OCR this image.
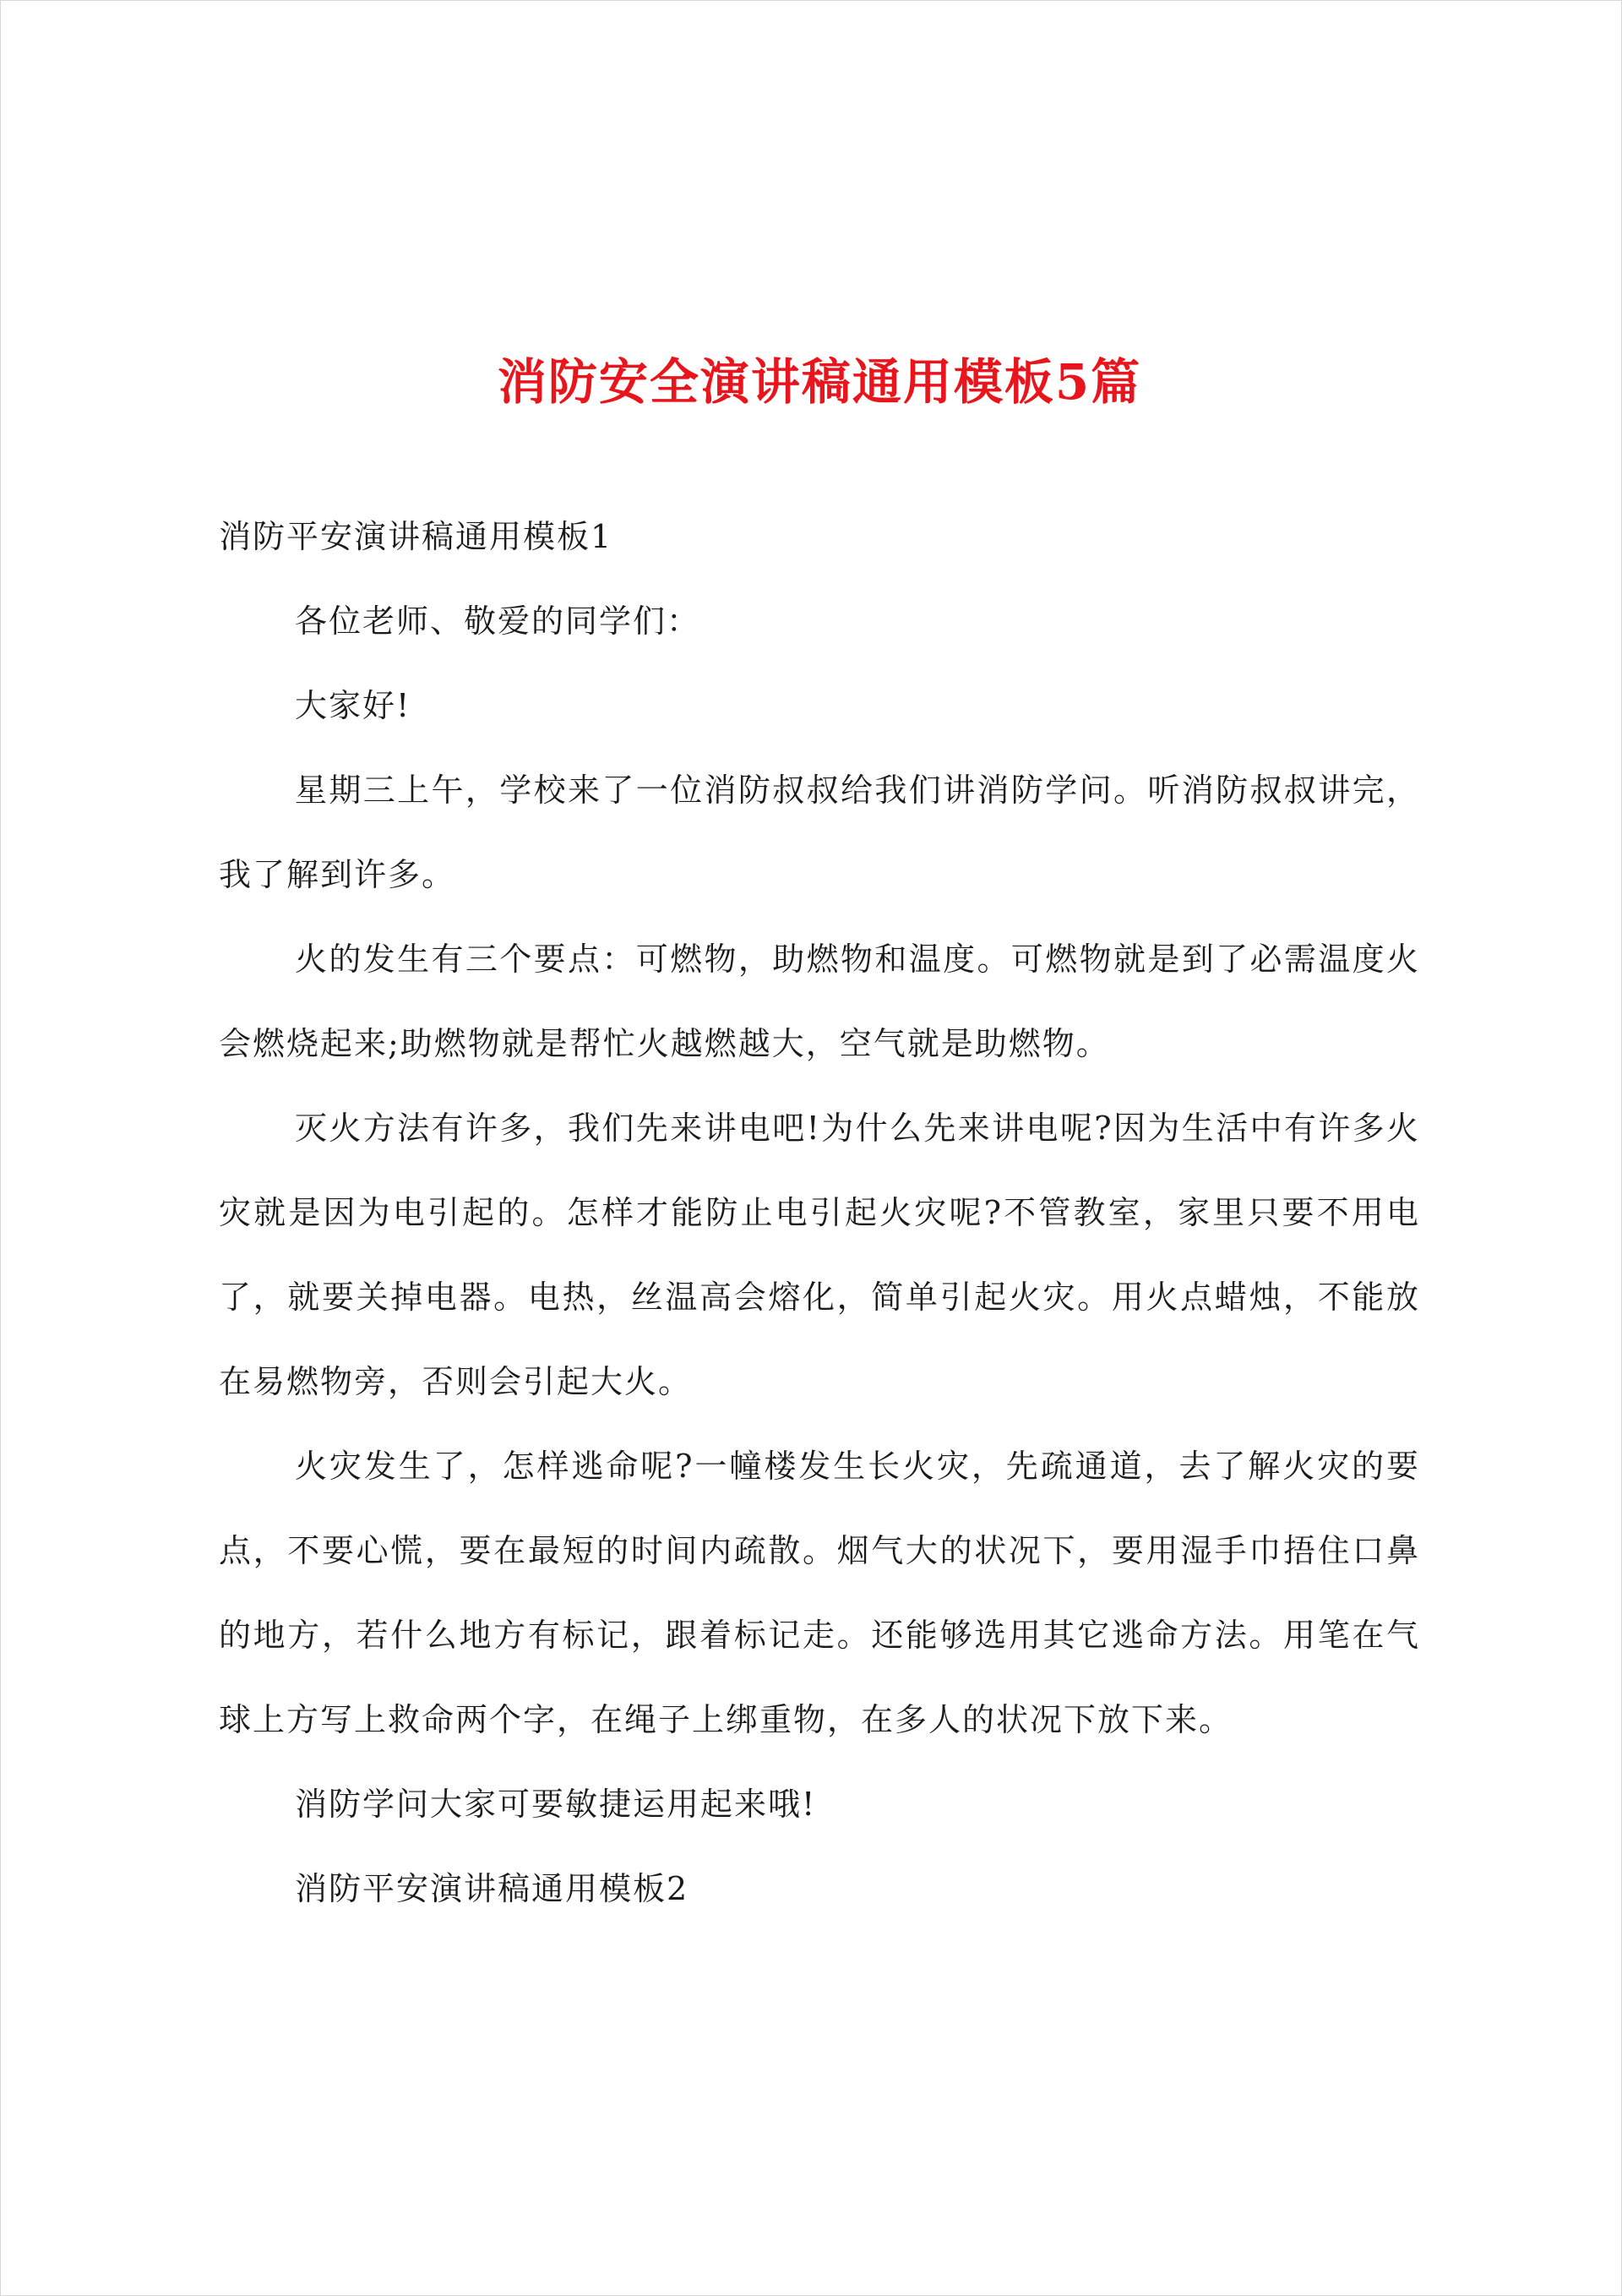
消防安全演讲稿通用模板5篇

消防平安演讲稿通用模板1

各位老师、敬爱的同学们：

大家好!

星期三上午，学校来了一位消防叔叔给我们讲消防学问。听消防叔叔讲完，我了解到许多。

火的发生有三个要点：可燃物，助燃物和温度。可燃物就是到了必需温度火会燃烧起来;助燃物就是帮忙火越燃越大，空气就是助燃物。

灭火方法有许多，我们先来讲电吧!为什么先来讲电呢?因为生活中有许多火灾就是因为电引起的。怎样才能防止电引起火灾呢?不管教室，家里只要不用电了，就要关掉电器。电热，丝温高会熔化，简单引起火灾。用火点蜡烛，不能放在易燃物旁，否则会引起大火。

火灾发生了，怎样逃命呢?一幢楼发生长火灾，先疏通道，去了解火灾的要点，不要心慌，要在最短的时间内疏散。烟气大的状况下，要用湿手巾捂住口鼻的地方，若什么地方有标记，跟着标记走。还能够选用其它逃命方法。用笔在气球上方写上救命两个字，在绳子上绑重物，在多人的状况下放下来。

消防学问大家可要敏捷运用起来哦!

消防平安演讲稿通用模板2
